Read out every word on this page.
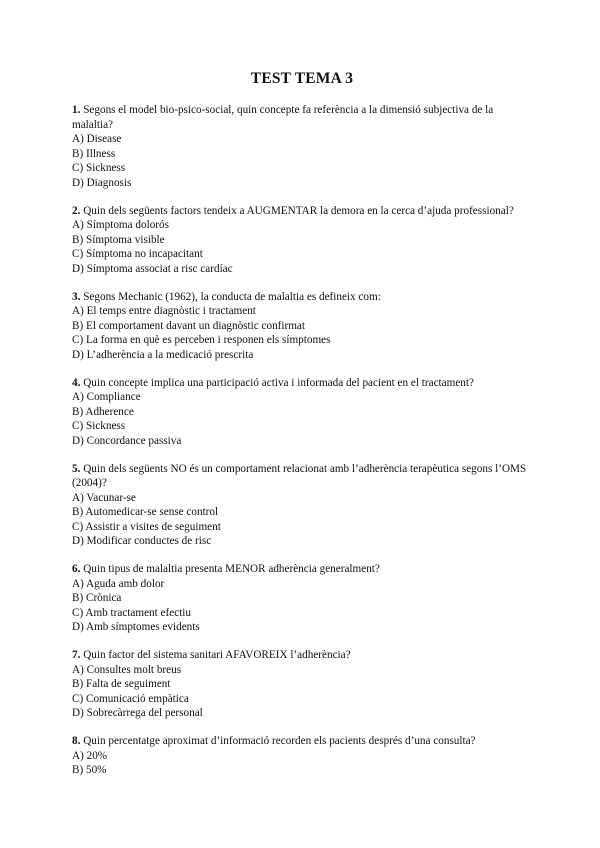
TEST TEMA 3

1. Segons el model bio-psico-social, quin concepte fa referència a la dimensió subjectiva de la malaltia?

A) Disease

B) Illness

C) Sickness

D) Diagnosis

2. Quin dels següents factors tendeix a AUGMENTAR la demora en la cerca d’ajuda professional?

A) Símptoma dolorós

B) Símptoma visible

C) Símptoma no incapacitant

D) Símptoma associat a risc cardíac

3. Segons Mechanic (1962), la conducta de malaltia es defineix com:

A) El temps entre diagnòstic i tractament

B) El comportament davant un diagnòstic confirmat

C) La forma en què es perceben i responen els símptomes

D) L’adherència a la medicació prescrita

4. Quin concepte implica una participació activa i informada del pacient en el tractament?

A) Compliance

B) Adherence

C) Sickness

D) Concordance passiva

5. Quin dels següents NO és un comportament relacionat amb l’adherència terapèutica segons l’OMS (2004)?

A) Vacunar-se

B) Automedicar-se sense control

C) Assistir a visites de seguiment

D) Modificar conductes de risc

6. Quin tipus de malaltia presenta MENOR adherència generalment?

A) Aguda amb dolor

B) Crònica

C) Amb tractament efectiu

D) Amb símptomes evidents

7. Quin factor del sistema sanitari AFAVOREIX l’adherència?

A) Consultes molt breus

B) Falta de seguiment

C) Comunicació empàtica

D) Sobrecàrrega del personal

8. Quin percentatge aproximat d’informació recorden els pacients després d’una consulta?

A) 20%

B) 50%
